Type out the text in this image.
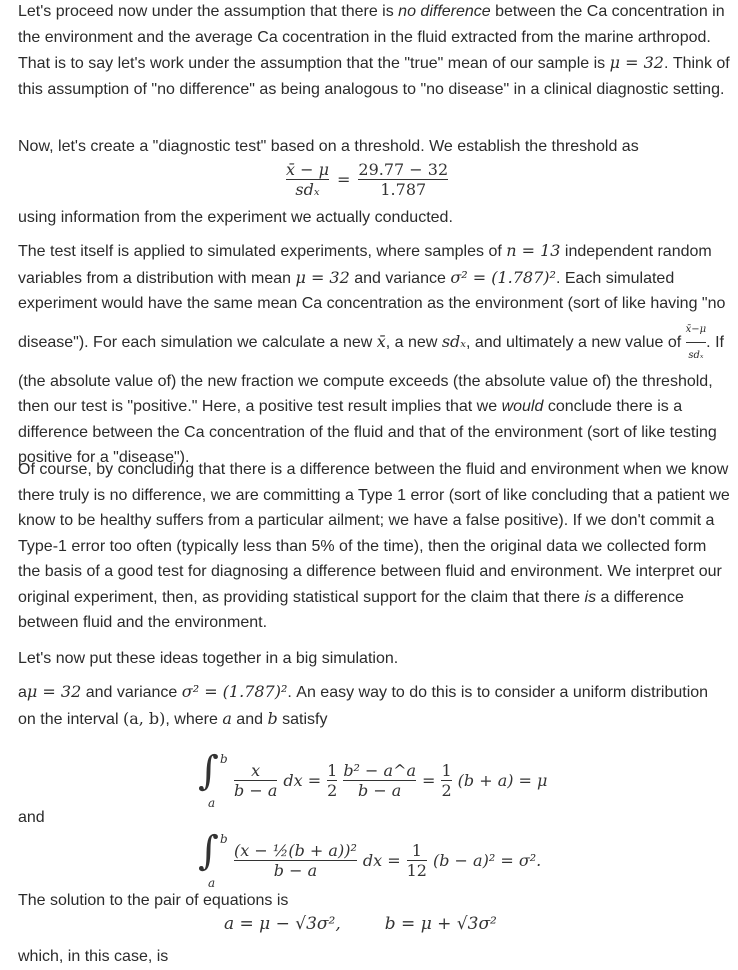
Let's proceed now under the assumption that there is no difference between the Ca concentration in the environment and the average Ca cocentration in the fluid extracted from the marine arthropod. That is to say let's work under the assumption that the "true" mean of our sample is μ = 32. Think of this assumption of "no difference" as being analogous to "no disease" in a clinical diagnostic setting.

Now, let's create a "diagnostic test" based on a threshold. We establish the threshold as

$\frac{x̄ - \mu}{\text{sdₓ}} = \frac{29.77 - 32}{1.787}$

using information from the experiment we actually conducted.

The test itself is applied to simulated experiments, where samples of n = 13 independent random variables from a distribution with mean μ = 32 and variance σ² = (1.787)². Each simulated experiment would have the same mean Ca concentration as the environment (sort of like having "no disease"). For each simulation we calculate a new x̄, a new sdₓ, and ultimately a new value of $\frac{x̄-\mu}{\text{sdₓ}}$ . If (the absolute value of) the new fraction we compute exceeds (the absolute value of) the threshold, then our test is "positive." Here, a positive test result implies that we would conclude there is a difference between the Ca concentration of the fluid and that of the environment (sort of like testing positive for a "disease").

Of course, by concluding that there is a difference between the fluid and environment when we know there truly is no difference, we are committing a Type 1 error (sort of like concluding that a patient we know to be healthy suffers from a particular ailment; we have a false positive). If we don't commit a Type-1 error too often (typically less than 5% of the time), then the original data we collected form the basis of a good test for diagnosing a difference between fluid and environment. We interpret our original experiment, then, as providing statistical support for the claim that there is a difference between fluid and the environment.

Let's now put these ideas together in a big simulation.

aμ = 32 and variance σ² = (1.787)². An easy way to do this is to consider a uniform distribution on the interval (a, b), where a and b satisfy

∫ b
a
$\frac{x}{b - a}$ dx = $\frac{1}{2} \frac{\text{b² − a\textasciicircum{}a}}{b - a} = \frac{1}{2} (b + a) = \mu$

and

∫ b
a
$\frac{\text{(x − ½(b + a))²}}{b - a}$ dx = $\frac{1}{12} (b - a)^2 = \sigma^2$.

The solution to the pair of equations is

a = μ − √3σ²,	b = μ + √3σ²

which, in this case, is
